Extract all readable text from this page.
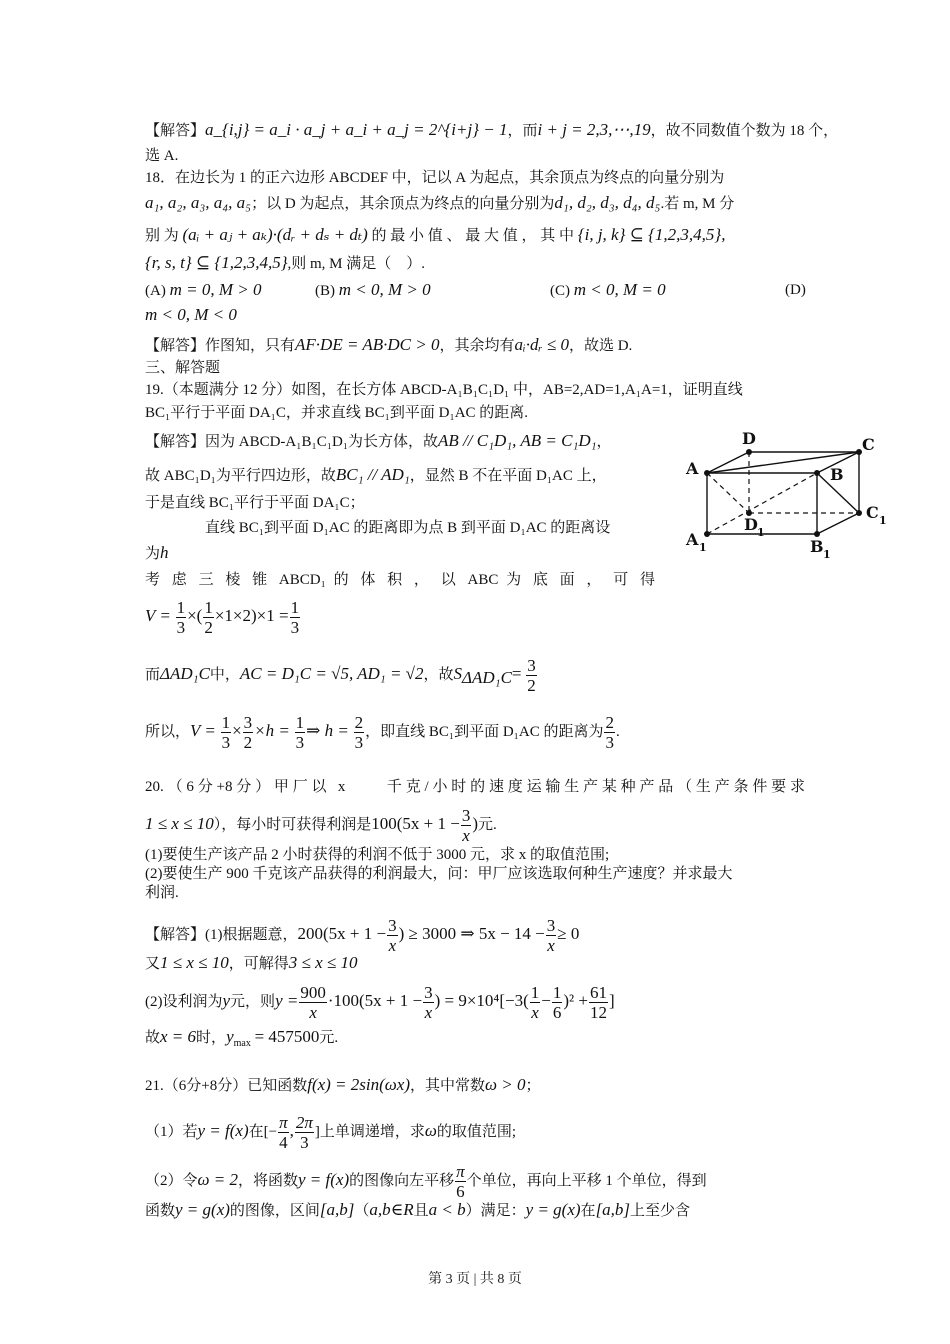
【解答】a_{i,j} = a_i · a_j + a_i + a_j = 2^{i+j} − 1，而i + j = 2,3,⋯,19，故不同数值个数为 18 个，
选 A.
18．在边长为 1 的正六边形 ABCDEF 中，记以 A 为起点，其余顶点为终点的向量分别为
a₁, a₂, a₃, a₄, a₅；以 D 为起点，其余顶点为终点的向量分别为d₁, d₂, d₃, d₄, d₅.若 m, M 分
别 为 (aᵢ + aⱼ + aₖ)·(dᵣ + dₛ + dₜ) 的 最 小 值 、 最 大 值 ， 其 中 {i, j, k} ⊆ {1,2,3,4,5},
{r, s, t} ⊆ {1,2,3,4,5},则 m, M 满足（　）.
(A) m = 0, M > 0	(B) m < 0, M > 0	(C) m < 0, M = 0	(D)
m < 0, M < 0
【解答】作图知，只有AF·DE = AB·DC > 0，其余均有aᵢ·dᵣ ≤ 0，故选 D.
三、解答题
19.（本题满分 12 分）如图，在长方体 ABCD-A₁B₁C₁D₁ 中，AB=2,AD=1,A₁A=1，证明直线
BC₁平行于平面 DA₁C，并求直线 BC₁到平面 D₁AC 的距离.
【解答】因为 ABCD-A₁B₁C₁D₁为长方体，故AB // C₁D₁, AB = C₁D₁，
故 ABC₁D₁为平行四边形，故BC₁ // AD₁，显然 B 不在平面 D₁AC 上，
于是直线 BC₁平行于平面 DA₁C；
直线 BC₁到平面 D₁AC 的距离即为点 B 到平面 D₁AC 的距离设
为h
考 虑 三 棱 锥 ABCD₁ 的 体 积 ， 以 ABC 为 底 面 ， 可 得
$V = \frac{1}{3}$ ×( $\frac{1}{2} \times 1\times 2)\times 1 = \frac{1}{3}$
而ΔAD₁C中，AC = D₁C = √5, AD₁ = √2，故$S_{\Delta AD_1C}= \frac{3}{2}$
所以，$V = \frac{1}{3} \times \frac{3}{2} \times h = \frac{1}{3}$ ⇒ $h = \frac{2}{3}$ ，即直线 BC₁到平面 D₁AC 的距离为 $\frac{2}{3}$ .
A
D	C
B
A 1
D 1
C 1
B 1
20.（6分+8分）甲厂以 x　　千克/小时的速度运输生产某种产品（生产条件要求
1 ≤ x ≤ 10），每小时可获得利润是$100(5x + 1 - \frac{3}{x}$ )元.
(1)要使生产该产品 2 小时获得的利润不低于 3000 元，求 x 的取值范围;
(2)要使生产 900 千克该产品获得的利润最大，问：甲厂应该选取何种生产速度？并求最大
利润.
【解答】(1)根据题意，$200(5x + 1 - \frac{3}{x}$ ) ≥ 3000 ⇒ $5x - 14 - \frac{3}{x} \ge 0$
又1 ≤ x ≤ 10，可解得3 ≤ x ≤ 10
(2)设利润为y元，则$y = \frac{900}{x} \cdot 100(5x + 1 - \frac{3}{x}$ ) = $9\times 10^4[-3( \frac{1}{x} - \frac{1}{6} )^2 + \frac{61}{12}$ ]
故x = 6时，$y_{max} = 457500$元.
21.（6分+8分）已知函数f(x) = 2sin(ωx)，其中常数ω > 0；
（1）若y = f(x)在[− $\frac{\pi}{4}$ , $\frac{2\pi}{3}$ ]上单调递增，求ω的取值范围;
（2）令ω = 2，将函数y = f(x)的图像向左平移 $\frac{\pi}{6}$ 个单位，再向上平移 1 个单位，得到
函数y = g(x)的图像，区间[a,b]（a,b∈R且a < b）满足：y = g(x)在[a,b]上至少含
第 3 页 | 共 8 页
